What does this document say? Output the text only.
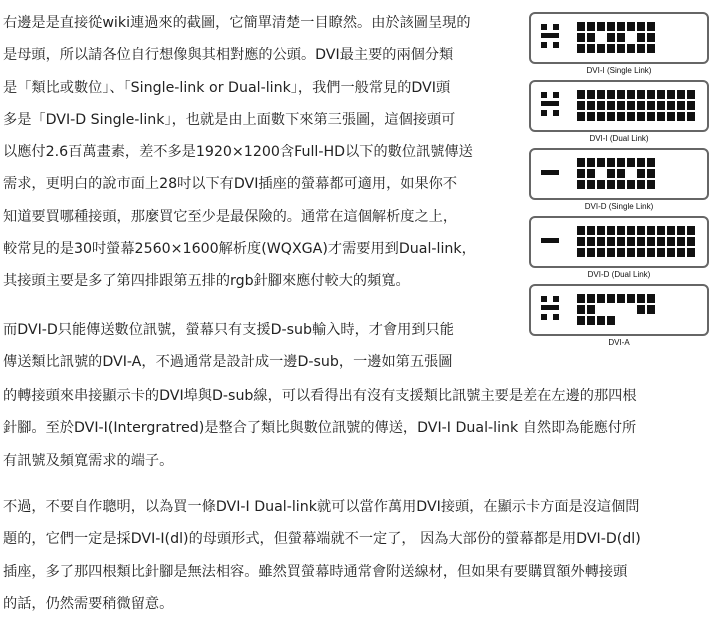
右邊是是直接從wiki連過來的截圖，它簡單清楚一目瞭然。由於該圖呈現的
是母頭，所以請各位自行想像與其相對應的公頭。DVI最主要的兩個分類
是「類比或數位」、「Single-link or Dual-link」，我們一般常見的DVI頭
多是「DVI-D Single-link」，也就是由上面數下來第三張圖，這個接頭可
以應付2.6百萬畫素，差不多是1920×1200含Full-HD以下的數位訊號傳送
需求，更明白的說市面上28吋以下有DVI插座的螢幕都可適用，如果你不
知道要買哪種接頭，那麼買它至少是最保險的。通常在這個解析度之上，
較常見的是30吋螢幕2560×1600解析度(WQXGA)才需要用到Dual-link，
其接頭主要是多了第四排跟第五排的rgb針腳來應付較大的頻寬。
而DVI-D只能傳送數位訊號，螢幕只有支援D-sub輸入時，才會用到只能
傳送類比訊號的DVI-A，不過通常是設計成一邊D-sub，一邊如第五張圖
的轉接頭來串接顯示卡的DVI埠與D-sub線，可以看得出有沒有支援類比訊號主要是差在左邊的那四根
針腳。至於DVI-I(Intergratred)是整合了類比與數位訊號的傳送，DVI-I Dual-link 自然即為能應付所
有訊號及頻寬需求的端子。
不過，不要自作聰明，以為買一條DVI-I Dual-link就可以當作萬用DVI接頭，在顯示卡方面是沒這個問
題的，它們一定是採DVI-I(dl)的母頭形式，但螢幕端就不一定了， 因為大部份的螢幕都是用DVI-D(dl)
插座，多了那四根類比針腳是無法相容。雖然買螢幕時通常會附送線材，但如果有要購買額外轉接頭
的話，仍然需要稍微留意。
DVI-I (Single Link)
DVI-I (Dual Link)
DVI-D (Single Link)
DVI-D (Dual Link)
DVI-A
